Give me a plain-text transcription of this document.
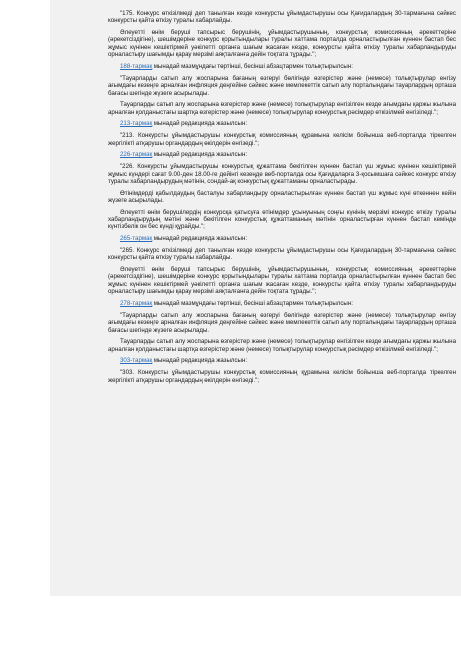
"175. Конкурс өткізілмеді деп танылған кезде конкурсты ұйымдастырушы осы Қағидалардың 30-тармағына сәйкес конкурсты қайта өткізу туралы хабарлайды.

Әлеуетті өнім беруші тапсырыс берушінің, ұйымдастырушының, конкурстық комиссияның әрекеттеріне (әрекетсіздігіне), шешімдеріне конкурс қорытындылары туралы хаттама порталда орналастырылған күннен бастап бес жұмыс күнінен кешіктірмей уәкілетті органға шағым жасаған кезде, конкурсты қайта өткізу туралы хабарландыруды орналастыру шағымды қарау мерзімі аяқталғанға дейін тоқтата тұрады.";

188-тармақ мынадай мазмұндағы төртінші, бесінші абзацтармен толықтырылсын:

"Тауарларды сатып алу жоспарына бағаның өзгеруі бөлігінде өзгерістер және (немесе) толықтырулар енгізу ағымдағы кезеңге арналған инфляция деңгейіне сәйкес және мемлекеттік сатып алу порталындағы тауарлардың орташа бағасы шегінде жүзеге асырылады.

Тауарларды сатып алу жоспарына өзгерістер және (немесе) толықтырулар енгізілген кезде ағымдағы қаржы жылына арналған қолданыстағы шартқа өзгерістер және (немесе) толықтырулар конкурстық рәсімдер өткізілмей енгізіледі.";

213-тармақ мынадай редакцияда жазылсын:

"213. Конкурсты ұйымдастырушы конкурстық комиссияның құрамына келісім бойынша веб-порталда тіркелген жергілікті атқарушы органдардың өкілдерін енгізеді.";

226-тармақ мынадай редакцияда жазылсын:

"226. Конкурсты ұйымдастырушы конкурстық құжаттама бекітілген күннен бастап үш жұмыс күнінен кешіктірмей жұмыс күндері сағат 9.00-ден 18.00-ге дейінгі кезеңде веб-порталда осы Қағидаларға 3-қосымшаға сәйкес конкурс өткізу туралы хабарландырудың мәтінін, сондай-ақ конкурстық құжаттаманы орналастырады.

Өтінімдерді қабылдаудың басталуы хабарландыру орналастырылған күннен бастап үш жұмыс күні өткеннен кейін жүзеге асырылады.

Әлеуетті өнім берушілердің конкурсқа қатысуға өтінімдер ұсынуының соңғы күнінің мерзімі конкурс өткізу туралы хабарландырудың мәтіні және бекітілген конкурстық құжаттаманың мәтінін орналастырған күннен бастап кемінде күнтізбелік он бес күнді құрайды.";

265-тармақ мынадай редакцияда жазылсын:

"265. Конкурс өткізілмеді деп танылған кезде конкурсты ұйымдастырушы осы Қағидалардың 30-тармағына сәйкес конкурсты қайта өткізу туралы хабарлайды.

Әлеуетті өнім беруші тапсырыс берушінің, ұйымдастырушының, конкурстық комиссияның әрекеттеріне (әрекетсіздігіне), шешімдеріне конкурс қорытындылары туралы хаттама порталда орналастырылған күннен бастап бес жұмыс күнінен кешіктірмей уәкілетті органға шағым жасаған кезде, конкурсты қайта өткізу туралы хабарландыруды орналастыру шағымды қарау мерзімі аяқталғанға дейін тоқтата тұрады.";

278-тармақ мынадай мазмұндағы төртінші, бесінші абзацтармен толықтырылсын:

"Тауарларды сатып алу жоспарына бағаның өзгеруі бөлігінде өзгерістер және (немесе) толықтырулар енгізу ағымдағы кезеңге арналған инфляция деңгейіне сәйкес және мемлекеттік сатып алу порталындағы тауарлардың орташа бағасы шегінде жүзеге асырылады.

Тауарларды сатып алу жоспарына өзгерістер және (немесе) толықтырулар енгізілген кезде ағымдағы қаржы жылына арналған қолданыстағы шартқа өзгерістер және (немесе) толықтырулар конкурстық рәсімдер өткізілмей енгізіледі.";

303-тармақ мынадай редакцияда жазылсын:

"303. Конкурсты ұйымдастырушы конкурстық комиссияның құрамына келісім бойынша веб-порталда тіркелген жергілікті атқарушы органдардың өкілдерін енгізеді.";
